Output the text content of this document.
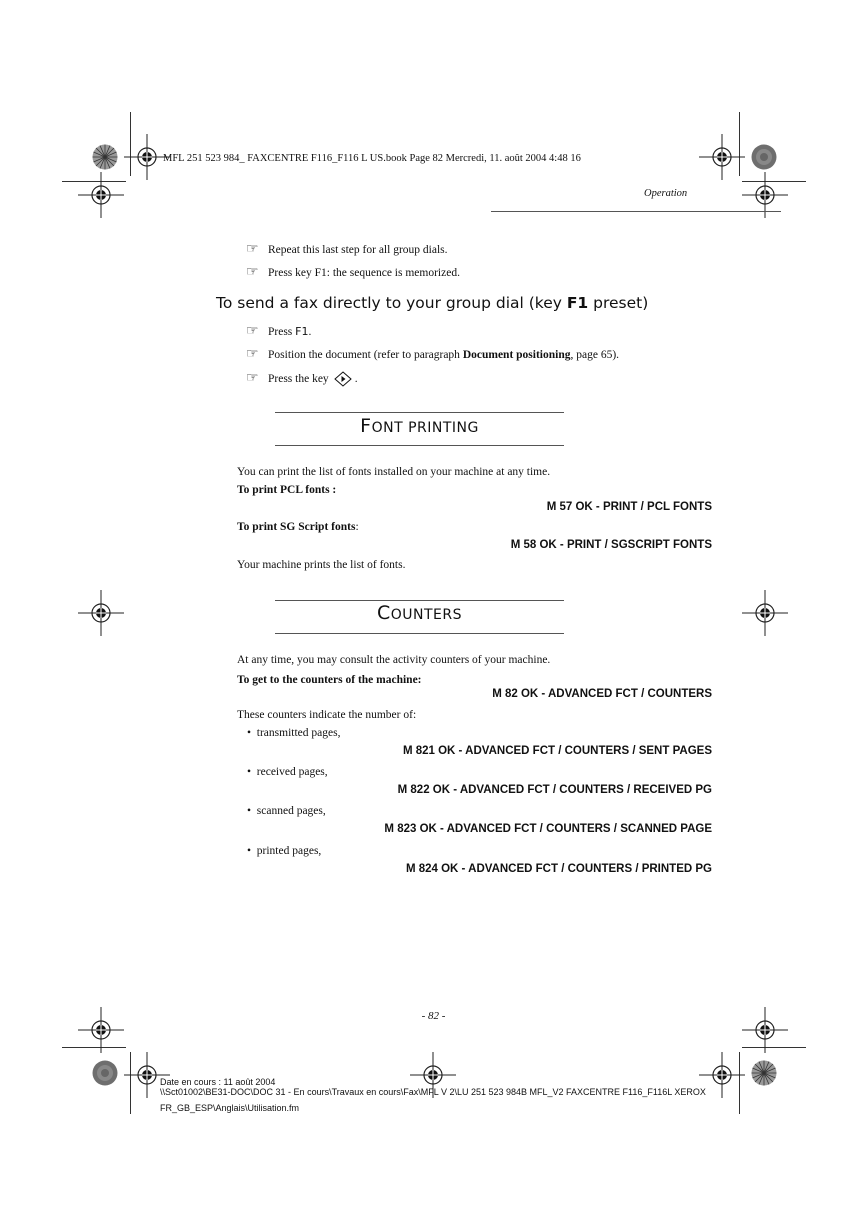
MFL 251 523 984_ FAXCENTRE F116_F116 L US.book Page 82 Mercredi, 11. août 2004 4:48 16
Operation
☞ Repeat this last step for all group dials.
☞ Press key F1: the sequence is memorized.
To send a fax directly to your group dial (key F1 preset)
☞ Press F1.
☞ Position the document (refer to paragraph Document positioning, page 65).
☞ Press the key .
FONT PRINTING
You can print the list of fonts installed on your machine at any time.
To print PCL fonts :
M 57 OK - PRINT / PCL FONTS
To print SG Script fonts:
M 58 OK - PRINT / SGSCRIPT FONTS
Your machine prints the list of fonts.
COUNTERS
At any time, you may consult the activity counters of your machine.
To get to the counters of the machine:
M 82 OK - ADVANCED FCT / COUNTERS
These counters indicate the number of:
•  transmitted pages,
M 821 OK - ADVANCED FCT / COUNTERS / SENT PAGES
•  received pages,
M 822 OK - ADVANCED FCT / COUNTERS / RECEIVED PG
•  scanned pages,
M 823 OK - ADVANCED FCT / COUNTERS / SCANNED PAGE
•  printed pages,
M 824 OK - ADVANCED FCT / COUNTERS / PRINTED PG
- 82 -
Date en cours : 11 août 2004
\\Sct01002\BE31-DOC\DOC 31 - En cours\Travaux en cours\Fax\MFL V 2\LU 251 523 984B MFL_V2 FAXCENTRE F116_F116L XEROX
FR_GB_ESP\Anglais\Utilisation.fm
